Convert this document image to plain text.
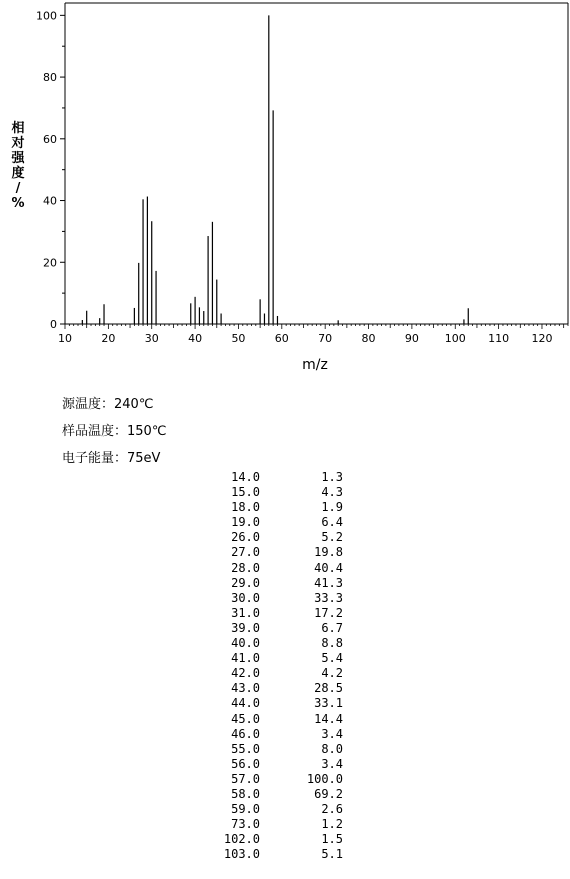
0
20
40
60
80
100
10	20	30	40	50	60	70	80	90 100 110 120
m/z
相对强度/ %
源温度：240℃
样品温度：150℃
电子能量：75eV
14.0	1.3
15.0	4.3
18.0	1.9
19.0	6.4
26.0	5.2
27.0	19.8
28.0	40.4
29.0	41.3
30.0	33.3
31.0	17.2
39.0	6.7
40.0	8.8
41.0	5.4
42.0	4.2
43.0	28.5
44.0	33.1
45.0	14.4
46.0	3.4
55.0	8.0
56.0	3.4
57.0	100.0
58.0	69.2
59.0	2.6
73.0	1.2
102.0	1.5
103.0	5.1
